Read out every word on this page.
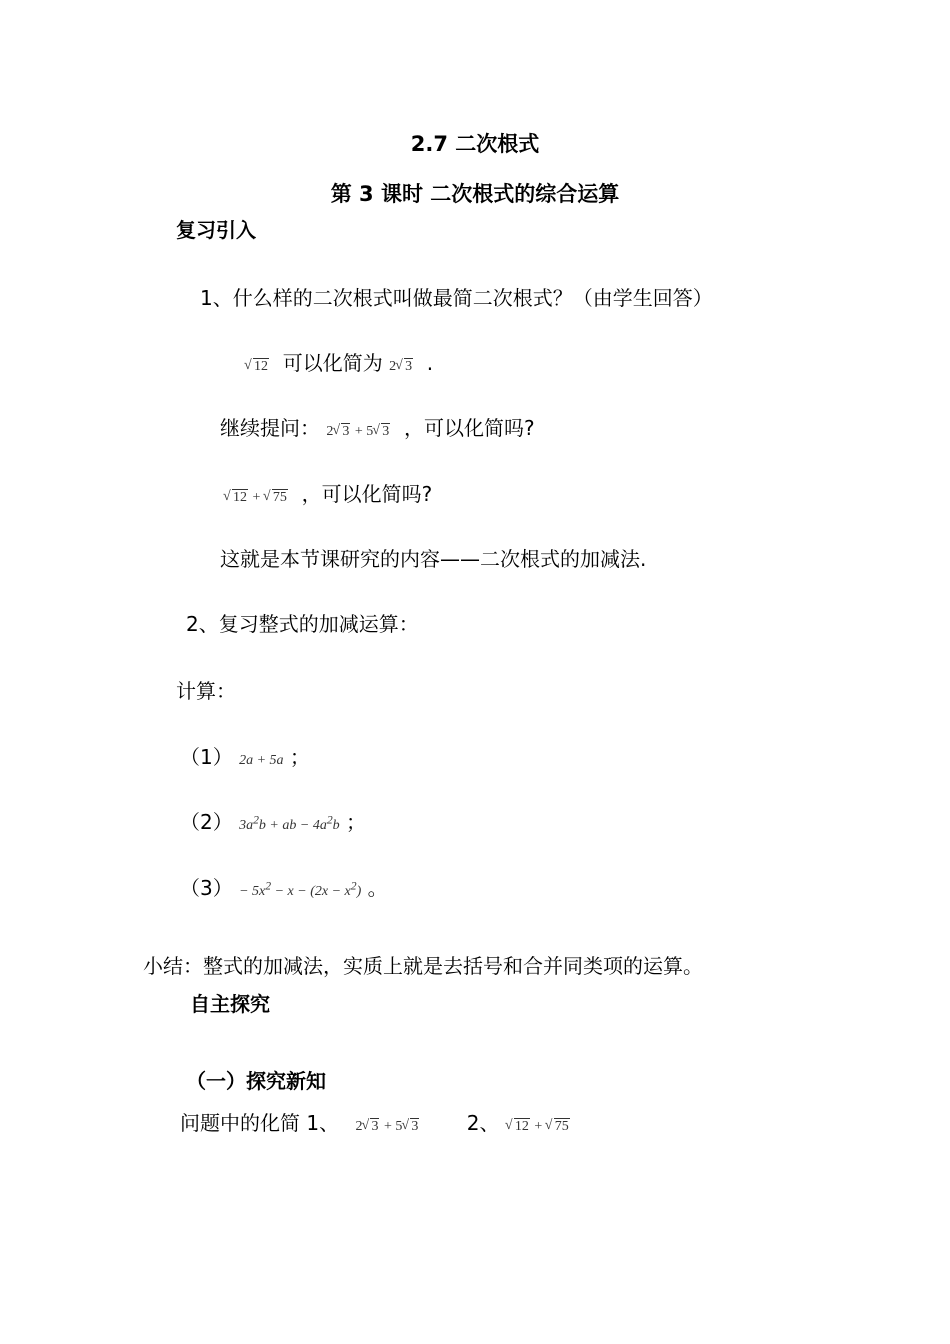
2.7 二次根式
第 3 课时 二次根式的综合运算
复习引入
1、什么样的二次根式叫做最简二次根式？（由学生回答）
√ 12 可以化简为 2 √ 3 .
继续提问： 2 √ 3 + 5 √ 3 ，可以化简吗?
√ 12 + √ 75 ，可以化简吗?
这就是本节课研究的内容——二次根式的加减法.
2、复习整式的加减运算：
计算：
（1） 2a + 5a ；
（2） $3a^2b$ + ab − $4a^2b$ ；
$(3) - 5x^2 - x - (2x - x^2)$ 。
小结：整式的加减法，实质上就是去括号和合并同类项的运算。
自主探究
（一）探究新知
问题中的化简 1、 2 √ 3 + 5 √ 3 2、 √ 12 + √ 75
